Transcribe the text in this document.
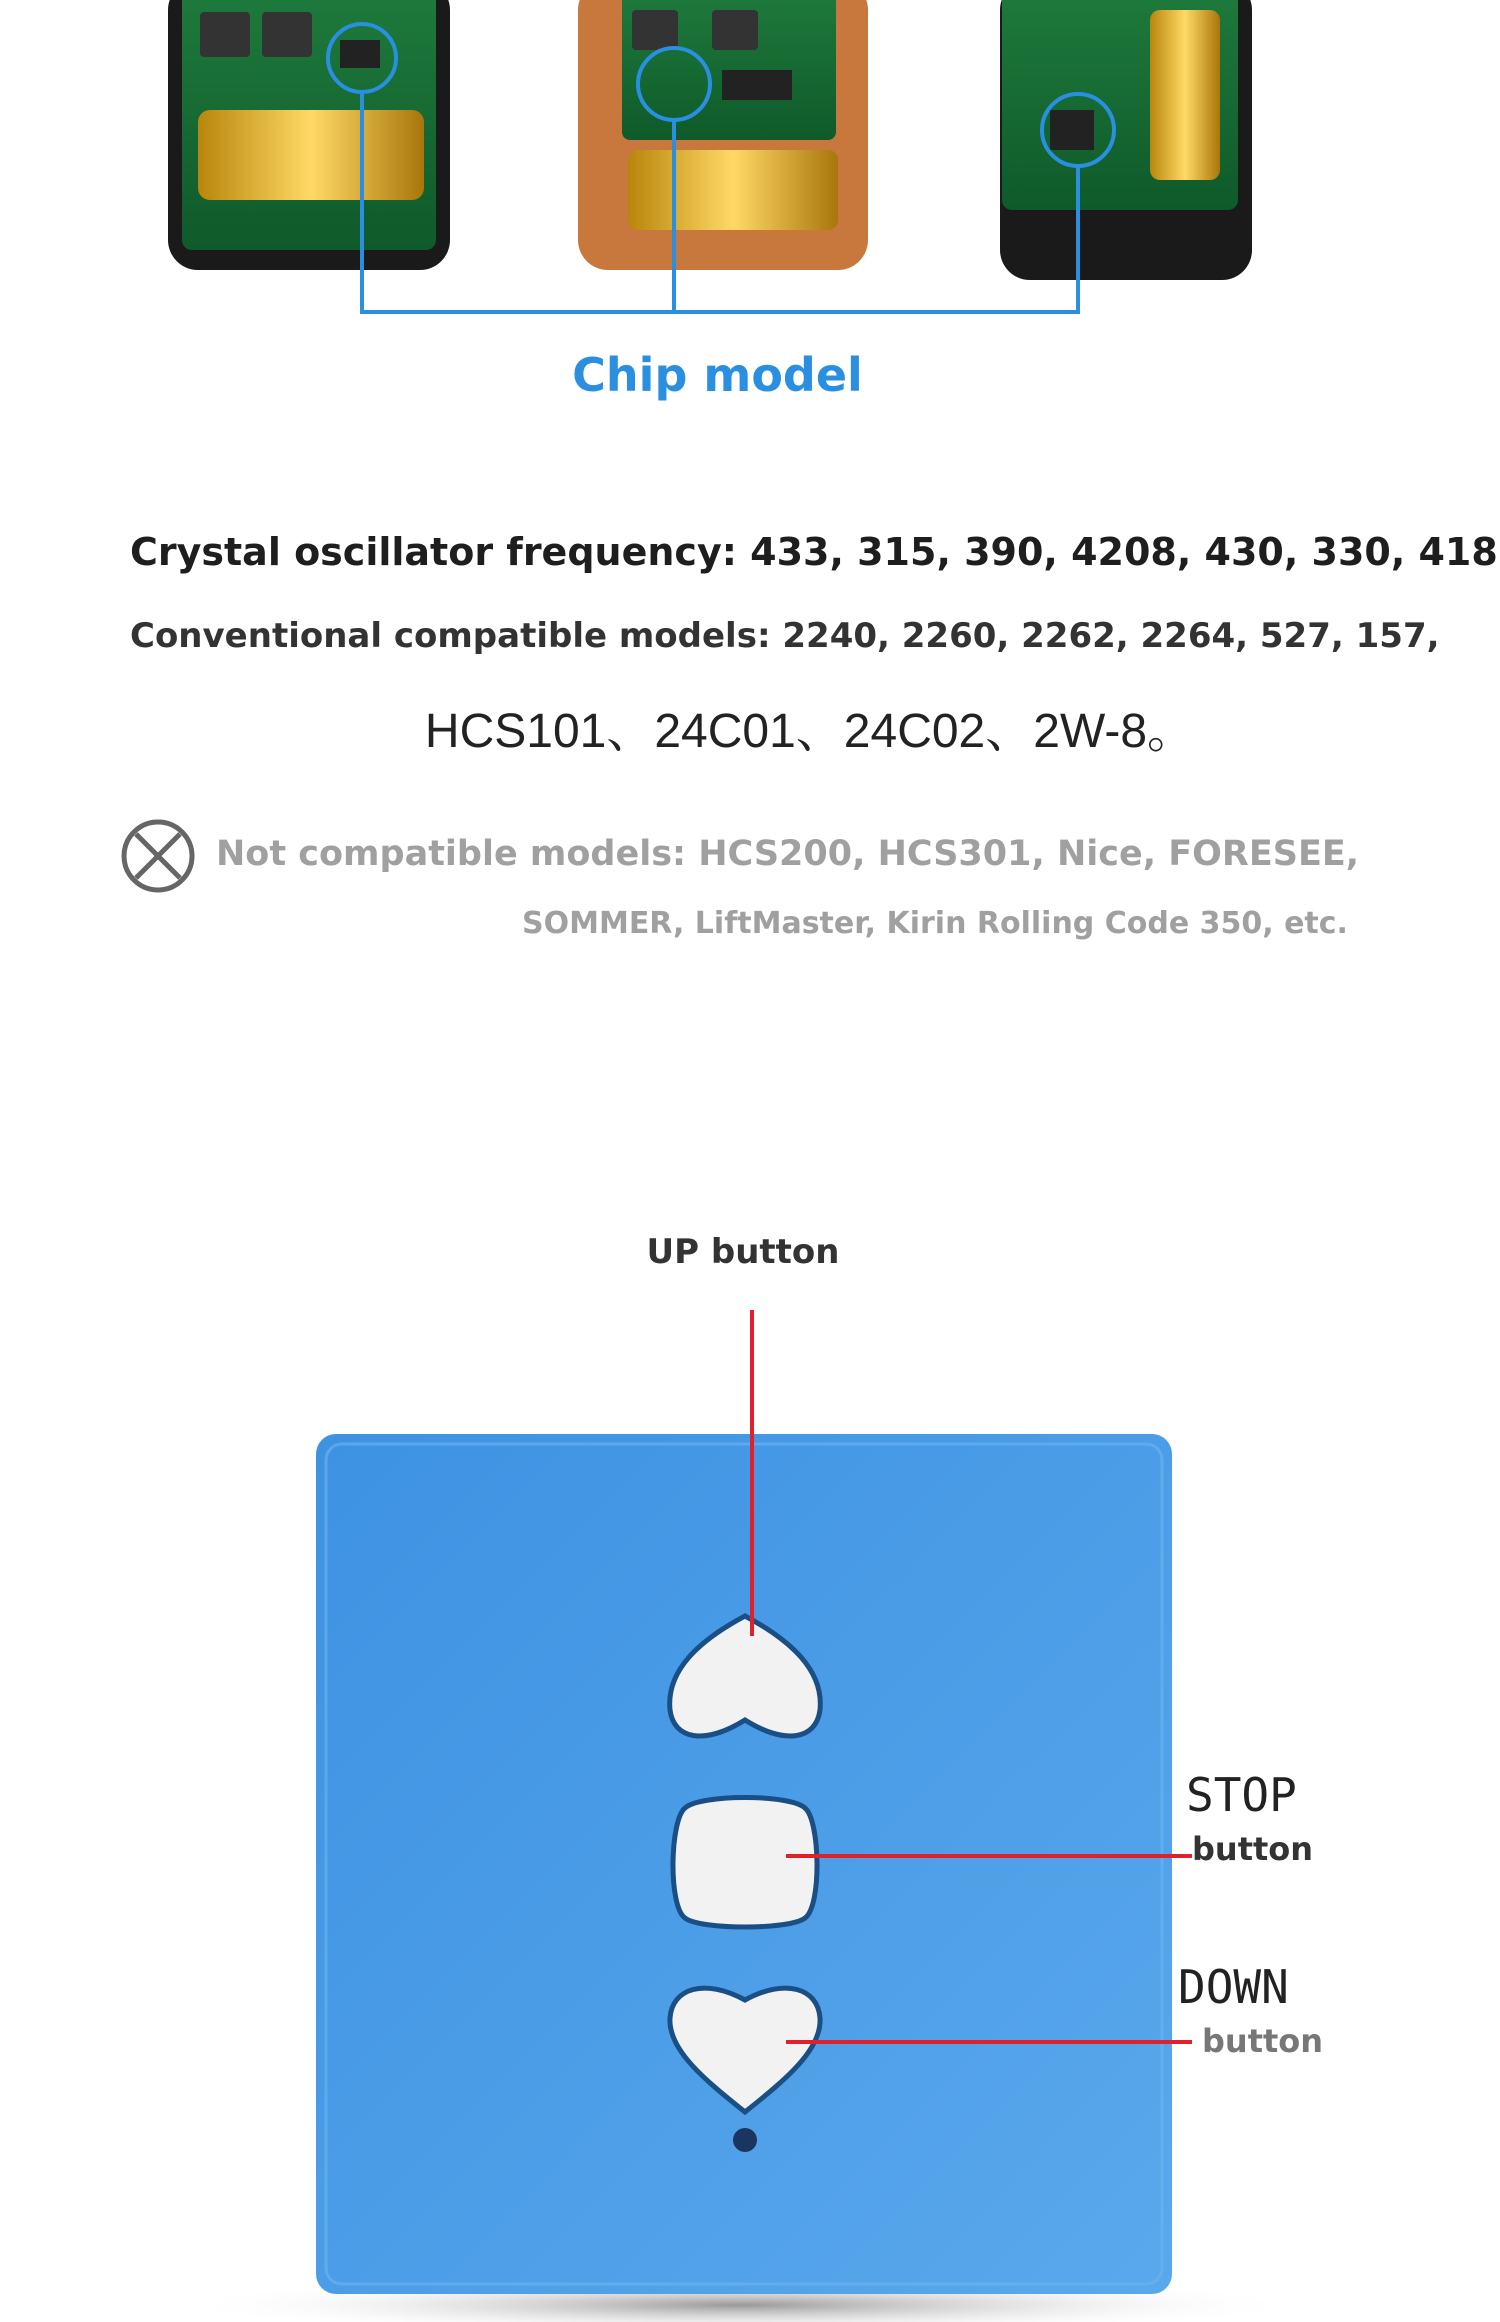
Chip model
Crystal oscillator frequency: 433, 315, 390, 4208, 430, 330, 418
Conventional compatible models: 2240, 2260, 2262, 2264, 527, 157,
HCS101、24C01、24C02、2W-8。
Not compatible models: HCS200, HCS301, Nice, FORESEE,
SOMMER, LiftMaster, Kirin Rolling Code 350, etc.
UP button
STOP
button
DOWN
button
